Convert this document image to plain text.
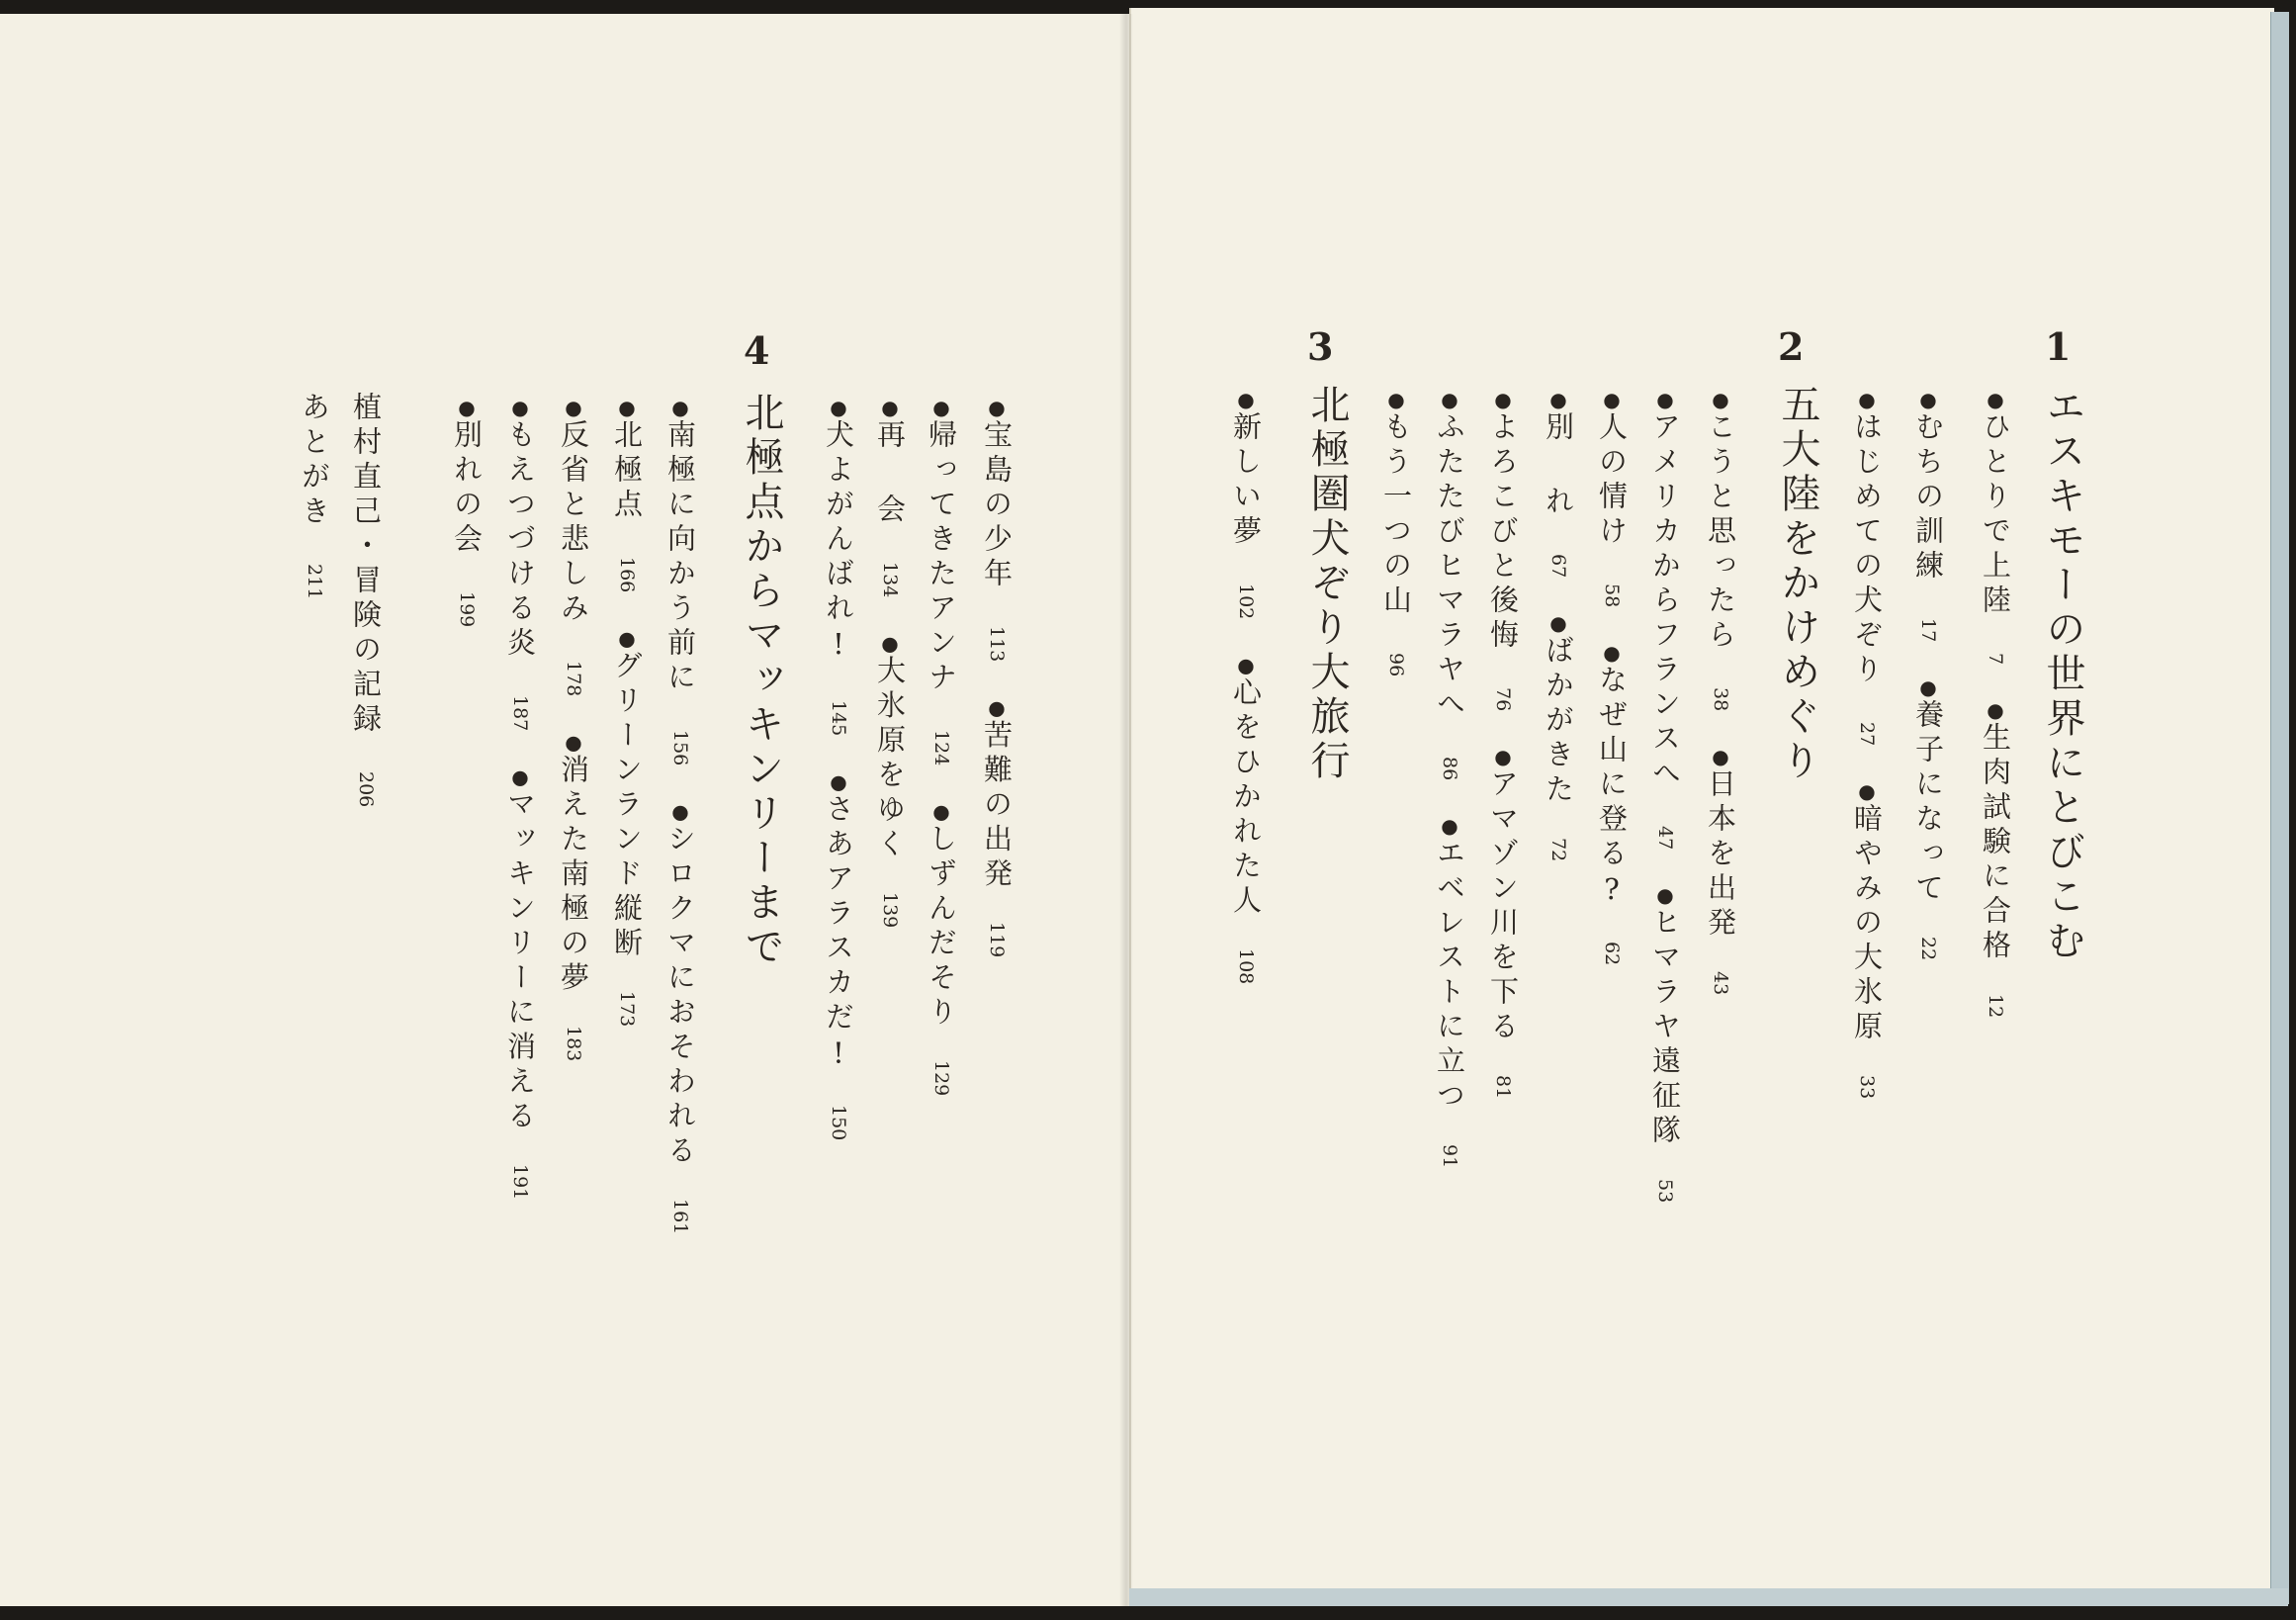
1
エスキモーの世界にとびこむ
●ひとりで上陸7●生肉試験に合格12
●むちの訓練17●養子になって22
●はじめての犬ぞり27●暗やみの大氷原33
2
五大陸をかけめぐり
●こうと思ったら38●日本を出発43
●アメリカからフランスへ47●ヒマラヤ遠征隊53
●人の情け58●なぜ山に登る?62
●別 れ67●ばかがきた72
●よろこびと後悔76●アマゾン川を下る81
●ふたたびヒマラヤへ86●エベレストに立つ91
●もう一つの山96
3
北極圏犬ぞり大旅行
●新しい夢102●心をひかれた人108
4
北極点からマッキンリーまで	●宝島の少年113●苦難の出発119
●帰ってきたアンナ124●しずんだそり129
●再 会134●大氷原をゆく139
●犬よがんばれ!145●さあアラスカだ!150
●南極に向かう前に156●シロクマにおそわれる161
●北極点166●グリーンランド縦断173
●反省と悲しみ178●消えた南極の夢183
●もえつづける炎187●マッキンリーに消える191
●別れの会199
植村直己・冒険の記録206
あとがき211
